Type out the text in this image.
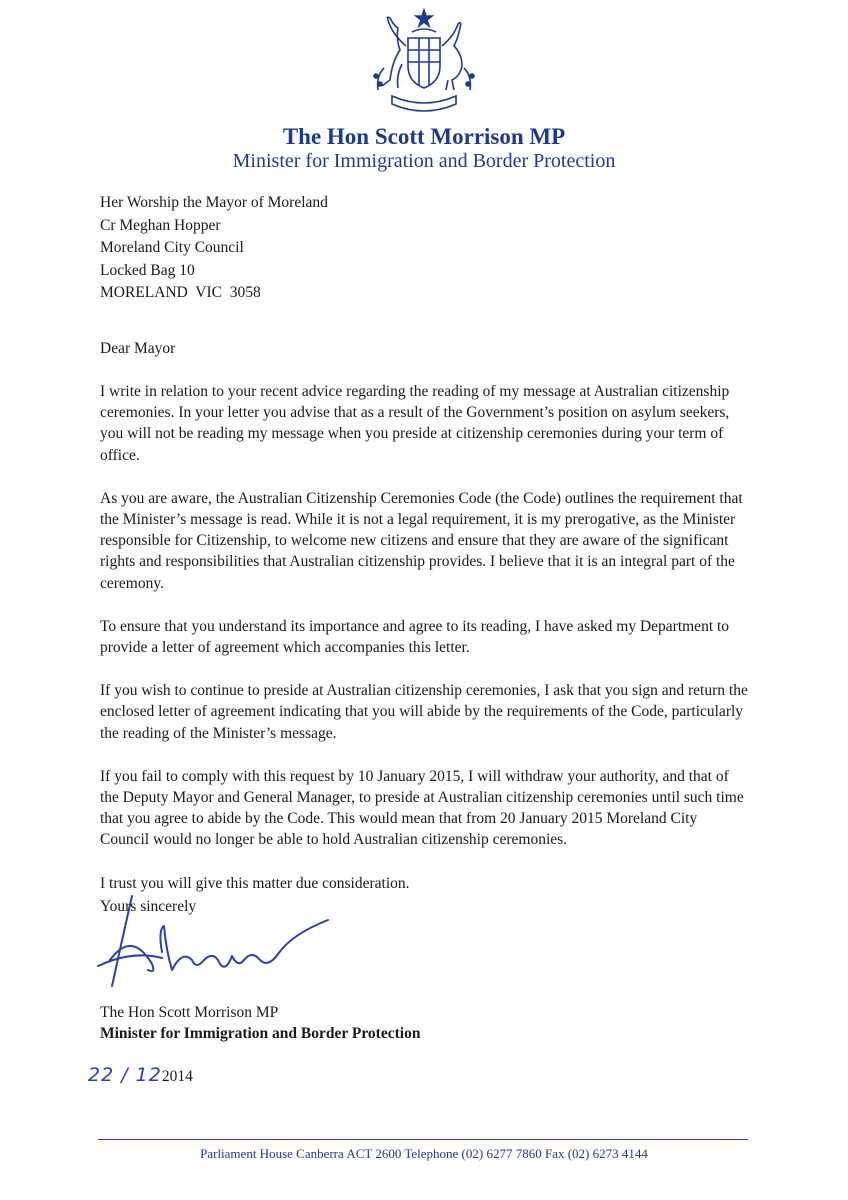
The Hon Scott Morrison MP
Minister for Immigration and Border Protection
Her Worship the Mayor of Moreland
Cr Meghan Hopper
Moreland City Council
Locked Bag 10
MORELAND  VIC  3058
Dear Mayor

I write in relation to your recent advice regarding the reading of my message at Australian citizenship ceremonies. In your letter you advise that as a result of the Government’s position on asylum seekers, you will not be reading my message when you preside at citizenship ceremonies during your term of office.

As you are aware, the Australian Citizenship Ceremonies Code (the Code) outlines the requirement that the Minister’s message is read. While it is not a legal requirement, it is my prerogative, as the Minister responsible for Citizenship, to welcome new citizens and ensure that they are aware of the significant rights and responsibilities that Australian citizenship provides. I believe that it is an integral part of the ceremony.

To ensure that you understand its importance and agree to its reading, I have asked my Department to provide a letter of agreement which accompanies this letter.

If you wish to continue to preside at Australian citizenship ceremonies, I ask that you sign and return the enclosed letter of agreement indicating that you will abide by the requirements of the Code, particularly the reading of the Minister’s message.

If you fail to comply with this request by 10 January 2015, I will withdraw your authority, and that of the Deputy Mayor and General Manager, to preside at Australian citizenship ceremonies until such time that you agree to abide by the Code. This would mean that from 20 January 2015 Moreland City Council would no longer be able to hold Australian citizenship ceremonies.

I trust you will give this matter due consideration.

Yours sincerely
The Hon Scott Morrison MP
Minister for Immigration and Border Protection
22 / 122014
Parliament House Canberra ACT 2600 Telephone (02) 6277 7860 Fax (02) 6273 4144
